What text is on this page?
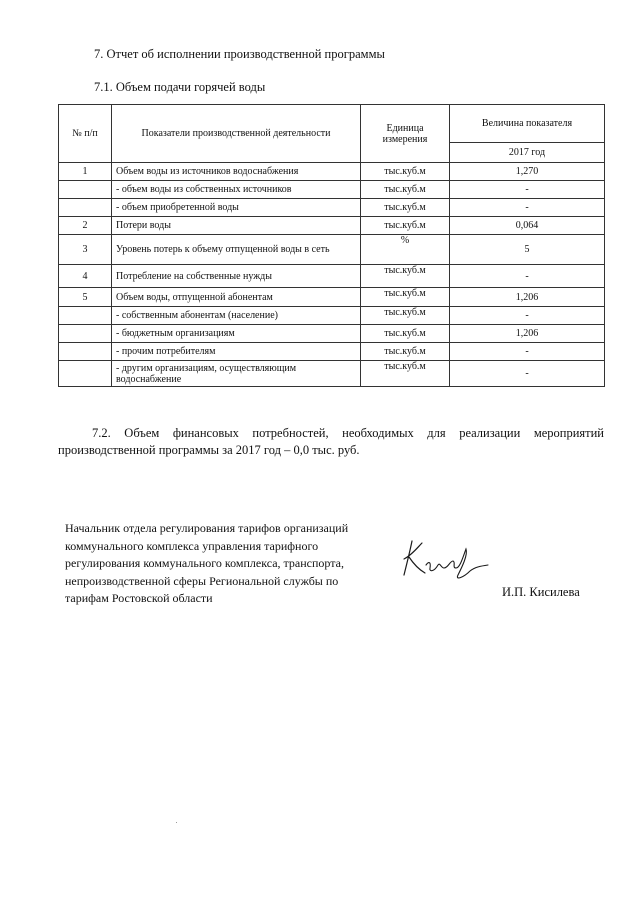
7. Отчет об исполнении производственной программы
7.1. Объем подачи горячей воды
№ п/п	Показатели производственной деятельности	Единица измерения	Величина показателя
			2017 год
1	Объем воды из источников водоснабжения	тыс.куб.м	1,270
	- объем воды из собственных источников	тыс.куб.м	-
	- объем приобретенной воды	тыс.куб.м	-
2	Потери воды	тыс.куб.м	0,064
3	Уровень потерь к объему отпущенной воды в сеть	%	5
4	Потребление на собственные нужды	тыс.куб.м	-
5	Объем воды, отпущенной абонентам	тыс.куб.м	1,206
	- собственным абонентам (население)	тыс.куб.м	-
	- бюджетным организациям	тыс.куб.м	1,206
	- прочим потребителям	тыс.куб.м	-
	- другим организациям, осуществляющим водоснабжение	тыс.куб.м	-
7.2. Объем финансовых потребностей, необходимых для реализации мероприятий производственной программы за 2017 год – 0,0 тыс. руб.
Начальник отдела регулирования тарифов организаций
коммунального комплекса управления тарифного
регулирования коммунального комплекса, транспорта,
непроизводственной сферы Региональной службы по
тарифам Ростовской области	И.П. Кисилева
